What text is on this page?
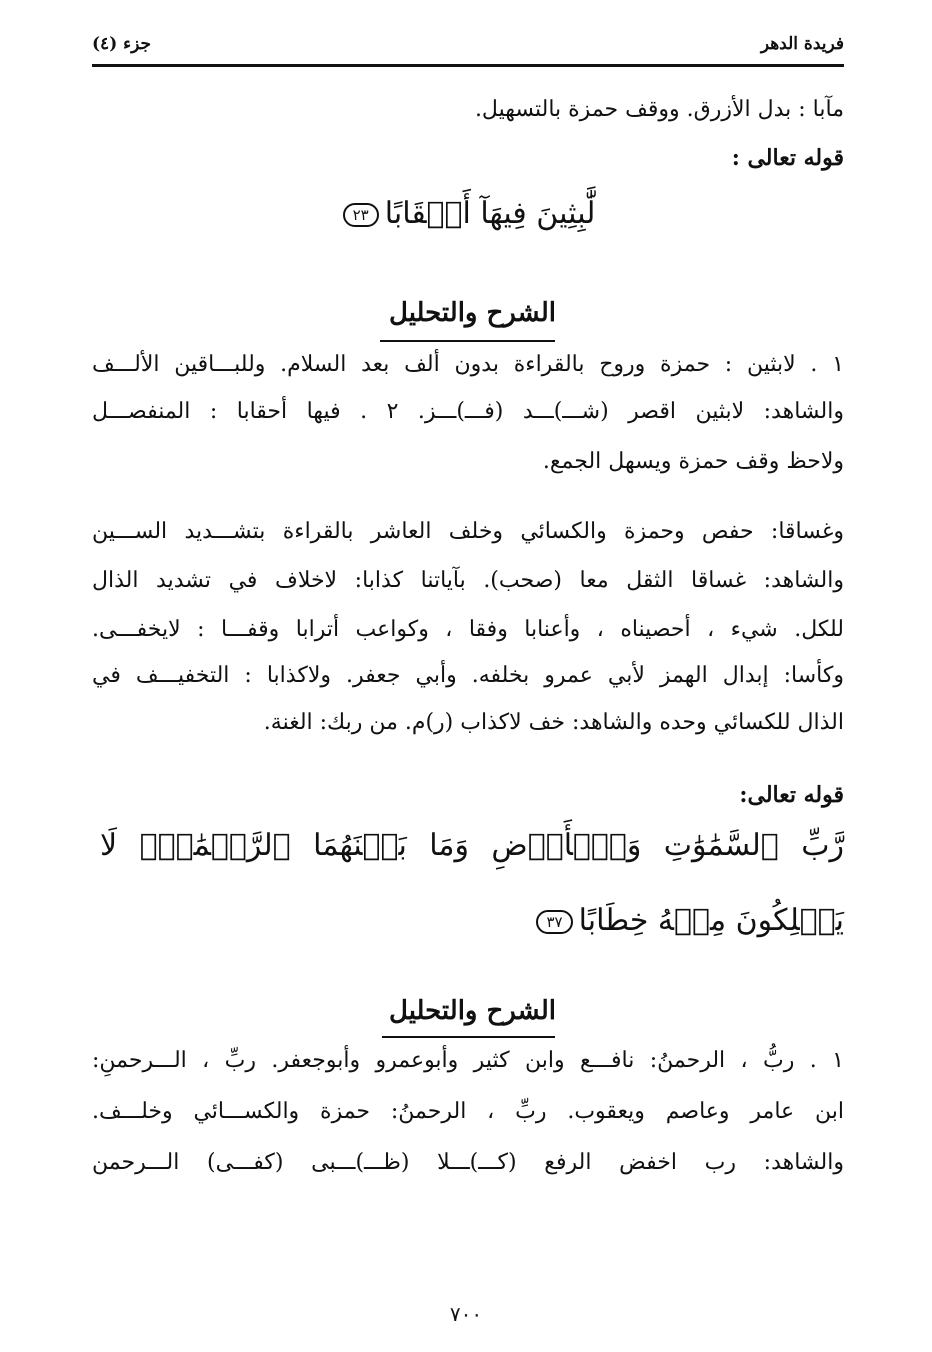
فريدة الدهر
جزء (٤)
مآبا : بدل الأزرق. ووقف حمزة بالتسهيل.
قوله تعالى :
لَّٰبِثِينَ فِيهَآ أَحۡقَابًا٢٣
الشرح والتحليل
١ . لابثين : حمزة وروح بالقراءة بدون ألف بعد السلام. وللبـــاقين الألـــف
والشاهد: لابثين اقصر (شـــ)ـــد (فـــ)ـــز. ٢ . فيها أحقابا : المنفصـــل
ولاحظ وقف حمزة ويسهل الجمع.
وغساقا: حفص وحمزة والكسائي وخلف العاشر بالقراءة بتشـــديد الســـين
والشاهد: غساقا الثقل معا (صحب). بآياتنا كذابا: لاخلاف في تشديد الذال
للكل. شيء ، أحصيناه ، وأعنابا وفقا ، وكواعب أترابا وقفـــا : لايخفـــى.
وكأسا: إبدال الهمز لأبي عمرو بخلفه. وأبي جعفر. ولاكذابا : التخفيـــف في
الذال للكسائي وحده والشاهد: خف لاكذاب (ر)م. من ربك: الغنة.
قوله تعالى:
رَّبِّ ٱلسَّمَٰوَٰتِ وَٱلۡأَرۡضِ وَمَا بَيۡنَهُمَا ٱلرَّحۡمَٰنِۖ لَا
يَمۡلِكُونَ مِنۡهُ خِطَابًا٣٧
الشرح والتحليل
١ . ربُّ ، الرحمنُ: نافـــع وابن كثير وأبوعمرو وأبوجعفر. ربِّ ، الـــرحمنِ:
ابن عامر وعاصم ويعقوب. ربِّ ، الرحمنُ: حمزة والكســـائي وخلـــف.
والشاهد: رب اخفض الرفع (كـــ)ـــلا (ظـــ)ـــبى (كفـــى) الـــرحمن
٧٠٠
